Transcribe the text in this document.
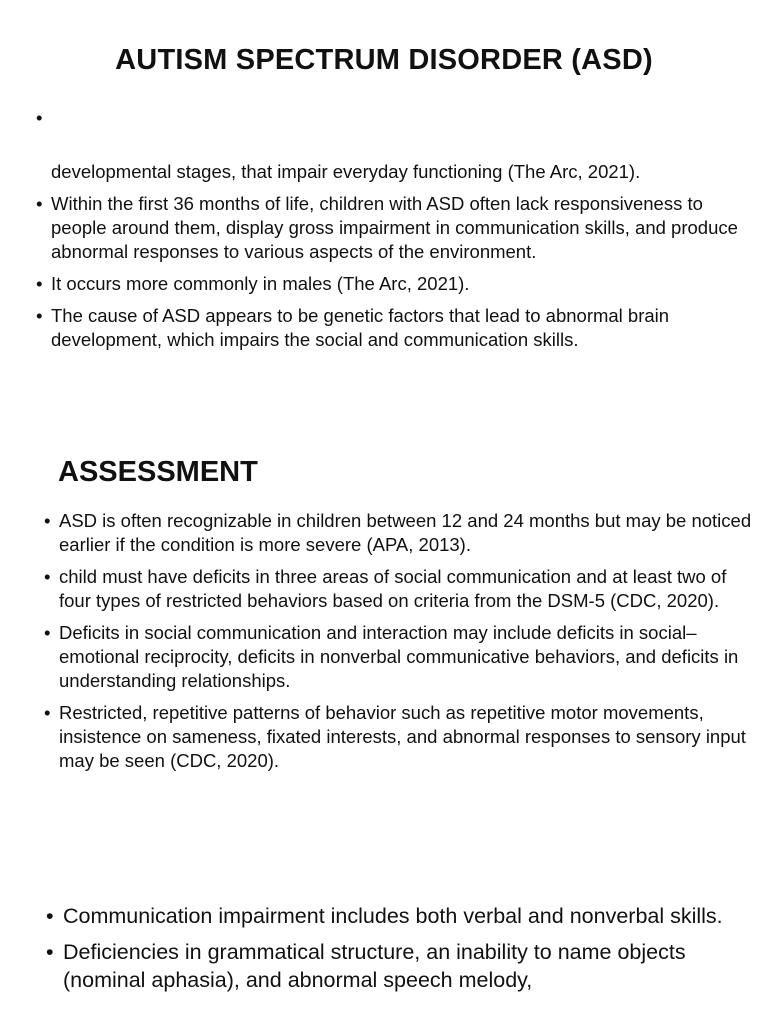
AUTISM SPECTRUM DISORDER (ASD)
•
developmental stages, that impair everyday functioning (The Arc, 2021).
• Within the first 36 months of life, children with ASD often lack responsiveness to people around them, display gross impairment in communication skills, and produce abnormal responses to various aspects of the environment.
• It occurs more commonly in males (The Arc, 2021).
• The cause of ASD appears to be genetic factors that lead to abnormal brain development, which impairs the social and communication skills.
ASSESSMENT
• ASD is often recognizable in children between 12 and 24 months but may be noticed earlier if the condition is more severe (APA, 2013).
• child must have deficits in three areas of social communication and at least two of four types of restricted behaviors based on criteria from the DSM-5 (CDC, 2020).
• Deficits in social communication and interaction may include deficits in social–emotional reciprocity, deficits in nonverbal communicative behaviors, and deficits in understanding relationships.
• Restricted, repetitive patterns of behavior such as repetitive motor movements, insistence on sameness, fixated interests, and abnormal responses to sensory input may be seen (CDC, 2020).
• Communication impairment includes both verbal and nonverbal skills.
• Deficiencies in grammatical structure, an inability to name objects (nominal aphasia), and abnormal speech melody,
